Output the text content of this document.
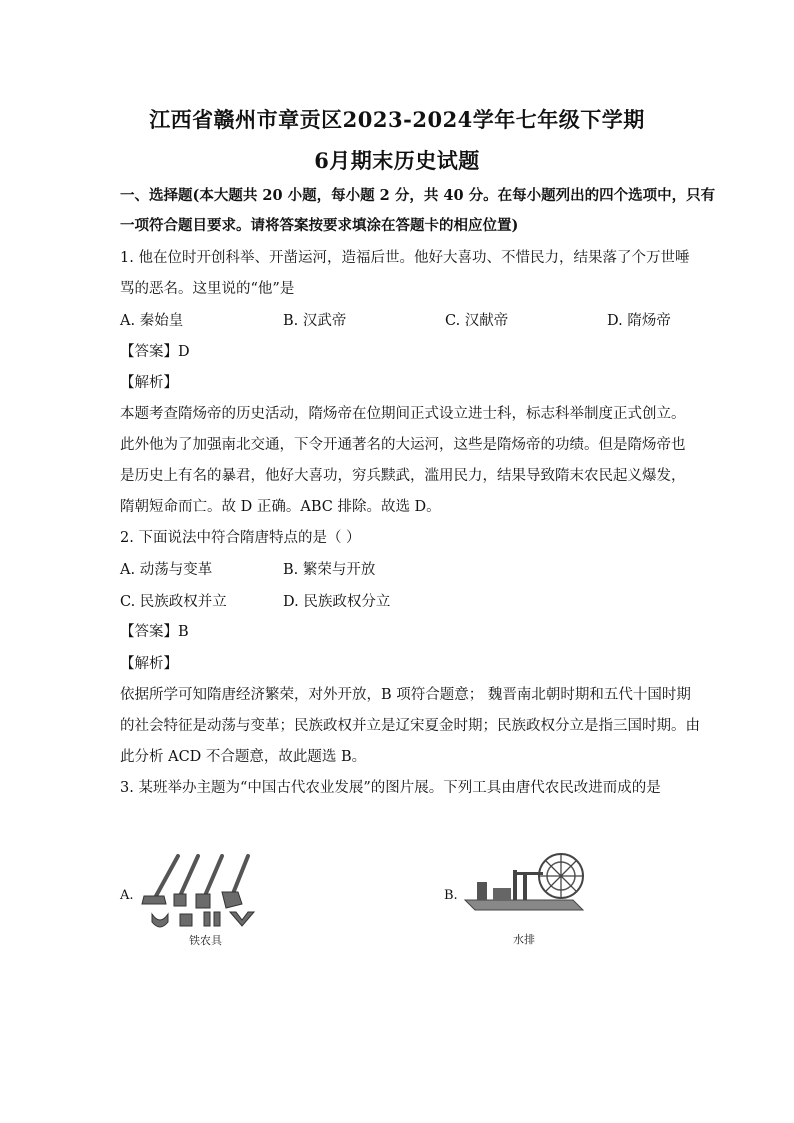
江西省赣州市章贡区2023-2024学年七年级下学期
6月期末历史试题
一、选择题(本大题共 20 小题，每小题 2 分，共 40 分。在每小题列出的四个选项中，只有
一项符合题目要求。请将答案按要求填涂在答题卡的相应位置)
1. 他在位时开创科举、开凿运河，造福后世。他好大喜功、不惜民力，结果落了个万世唾
骂的恶名。这里说的“他”是
A. 秦始皇	B. 汉武帝	C. 汉献帝	D. 隋炀帝
【答案】D
【解析】
本题考查隋炀帝的历史活动，隋炀帝在位期间正式设立进士科，标志科举制度正式创立。
此外他为了加强南北交通，下令开通著名的大运河，这些是隋炀帝的功绩。但是隋炀帝也
是历史上有名的暴君，他好大喜功，穷兵黩武，滥用民力，结果导致隋末农民起义爆发，
隋朝短命而亡。故 D 正确。ABC 排除。故选 D。
2. 下面说法中符合隋唐特点的是（ ）
A. 动荡与变革	B. 繁荣与开放
C. 民族政权并立	D. 民族政权分立
【答案】B
【解析】
依据所学可知隋唐经济繁荣，对外开放，B 项符合题意； 魏晋南北朝时期和五代十国时期
的社会特征是动荡与变革；民族政权并立是辽宋夏金时期；民族政权分立是指三国时期。由
此分析 ACD 不合题意，故此题选 B。
3. 某班举办主题为“中国古代农业发展”的图片展。下列工具由唐代农民改进而成的是
A.
铁农具
B.
水排
